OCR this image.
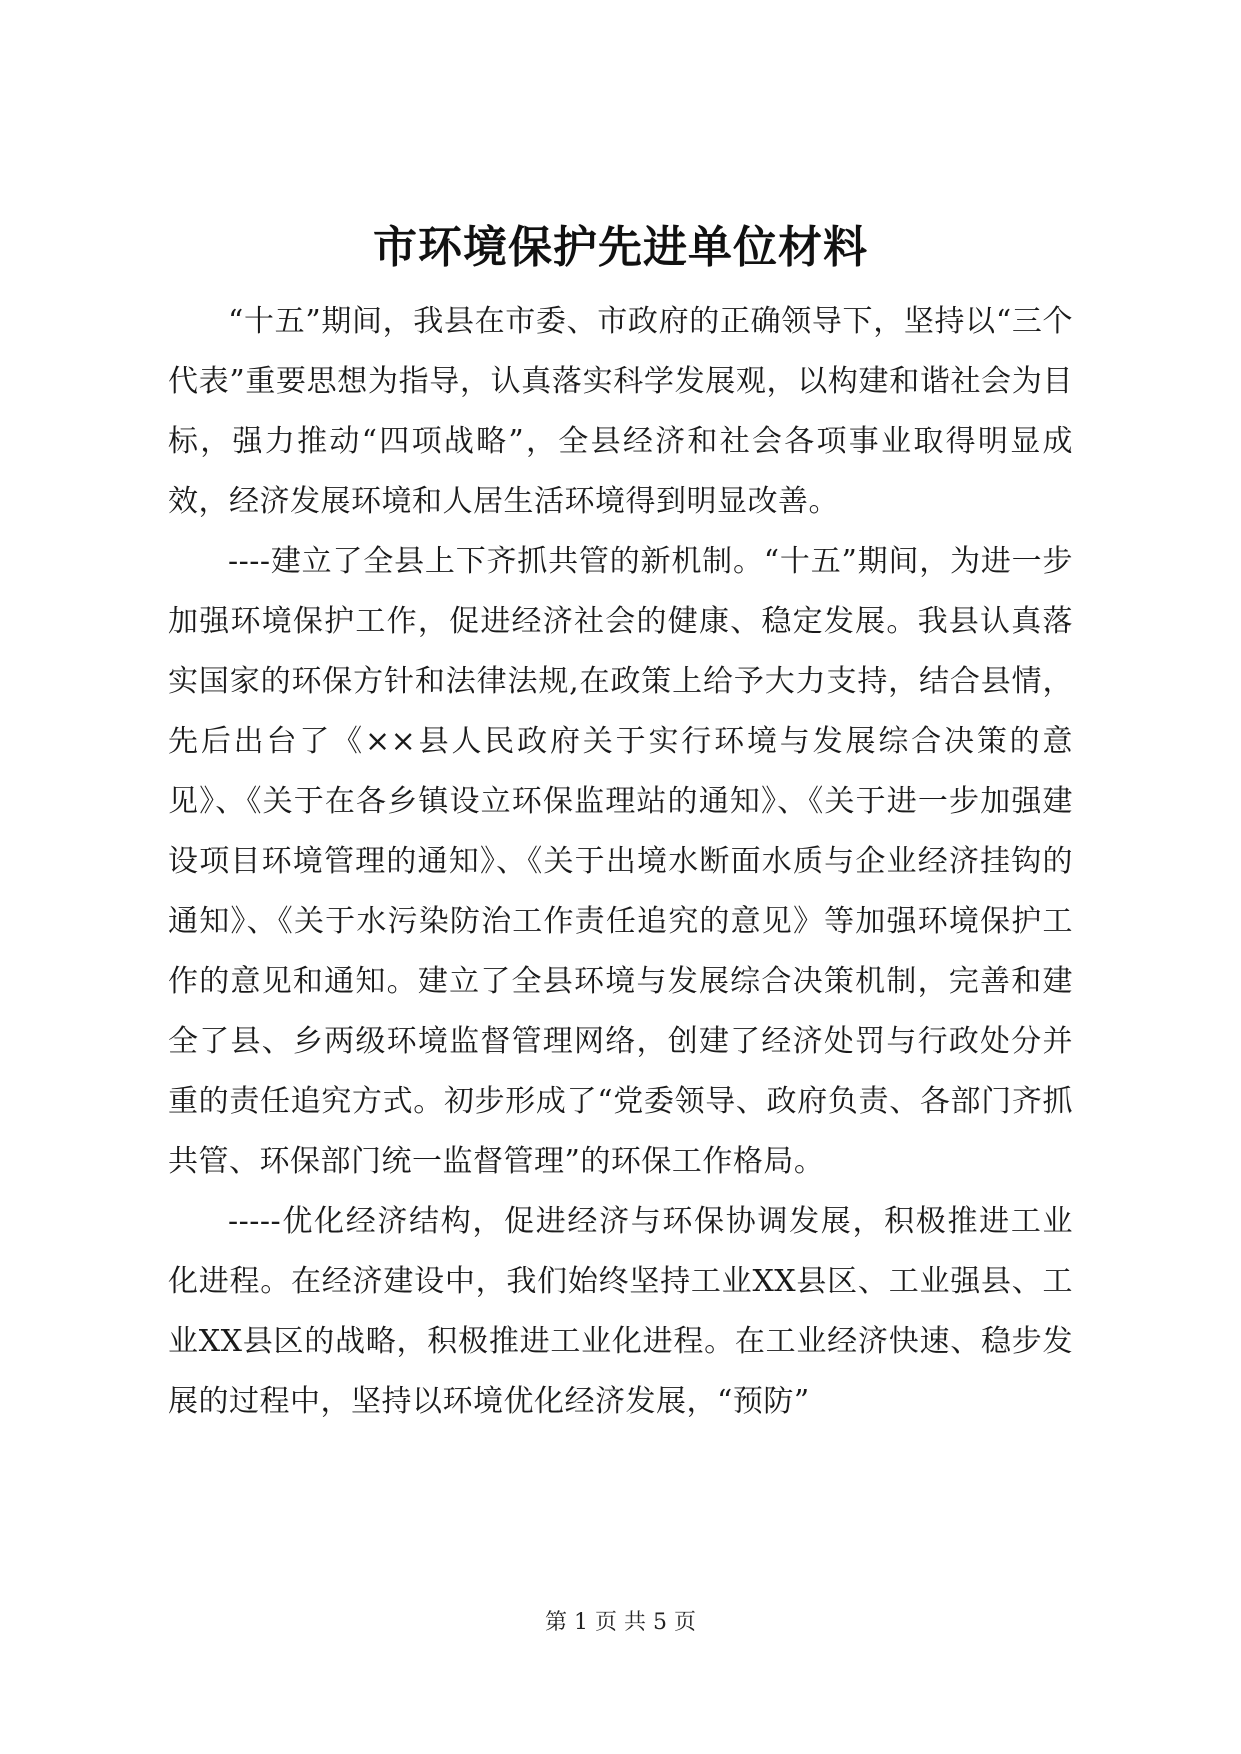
市环境保护先进单位材料

“十五”期间，我县在市委、市政府的正确领导下，坚持以“三个代表”重要思想为指导，认真落实科学发展观，以构建和谐社会为目标，强力推动“四项战略”，全县经济和社会各项事业取得明显成效，经济发展环境和人居生活环境得到明显改善。

----建立了全县上下齐抓共管的新机制。“十五”期间，为进一步加强环境保护工作，促进经济社会的健康、稳定发展。我县认真落实国家的环保方针和法律法规,在政策上给予大力支持，结合县情，先后出台了《××县人民政府关于实行环境与发展综合决策的意见》、《关于在各乡镇设立环保监理站的通知》、《关于进一步加强建设项目环境管理的通知》、《关于出境水断面水质与企业经济挂钩的通知》、《关于水污染防治工作责任追究的意见》等加强环境保护工作的意见和通知。建立了全县环境与发展综合决策机制，完善和建全了县、乡两级环境监督管理网络，创建了经济处罚与行政处分并重的责任追究方式。初步形成了“党委领导、政府负责、各部门齐抓共管、环保部门统一监督管理”的环保工作格局。

-----优化经济结构，促进经济与环保协调发展，积极推进工业化进程。在经济建设中，我们始终坚持工业XX县区、工业强县、工业XX县区的战略，积极推进工业化进程。在工业经济快速、稳步发展的过程中，坚持以环境优化经济发展，“预防”

第 1 页 共 5 页
